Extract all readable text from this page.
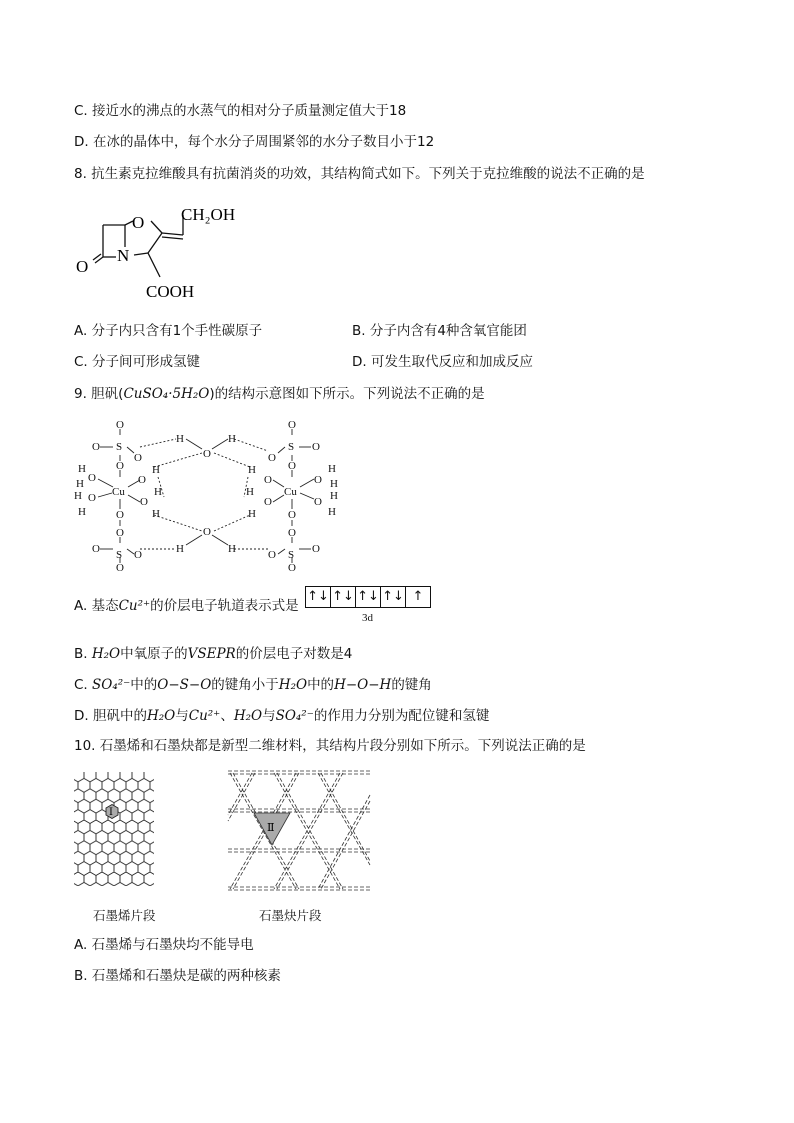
C. 接近水的沸点的水蒸气的相对分子质量测定值大于18
D. 在冰的晶体中，每个水分子周围紧邻的水分子数目小于12
8. 抗生素克拉维酸具有抗菌消炎的功效，其结构简式如下。下列关于克拉维酸的说法不正确的是
O
N
O
CH₂OH
COOH
A. 分子内只含有1个手性碳原子	B. 分子内含有4种含氧官能团
C. 分子间可形成氢键	D. 可发生取代反应和加成反应
9. 胆矾(CuSO₄·5H₂O)的结构示意图如下所示。下列说法不正确的是
O
S
O
O
O
H
O
H
H O
H
Cu
O
H
O
H
H
O
O
S
O	O
O
H
O
H
H
O
H
O
S
O
O
O
H
O
H
O
H
Cu
O
H
H
O H
H
O
O
S
O	O
O
A. 基态Cu²⁺的价层电子轨道表示式是
↑↓ ↑↓ ↑↓ ↑↓ ↑
3d
B. H₂O中氧原子的VSEPR的价层电子对数是4
C. SO₄²⁻中的O−S−O的键角小于H₂O中的H−O−H的键角
D. 胆矾中的H₂O与Cu²⁺、H₂O与SO₄²⁻的作用力分别为配位键和氢键
10. 石墨烯和石墨炔都是新型二维材料，其结构片段分别如下所示。下列说法正确的是
Ⅰ
石墨烯片段
Ⅱ
石墨炔片段
A. 石墨烯与石墨炔均不能导电
B. 石墨烯和石墨炔是碳的两种核素
